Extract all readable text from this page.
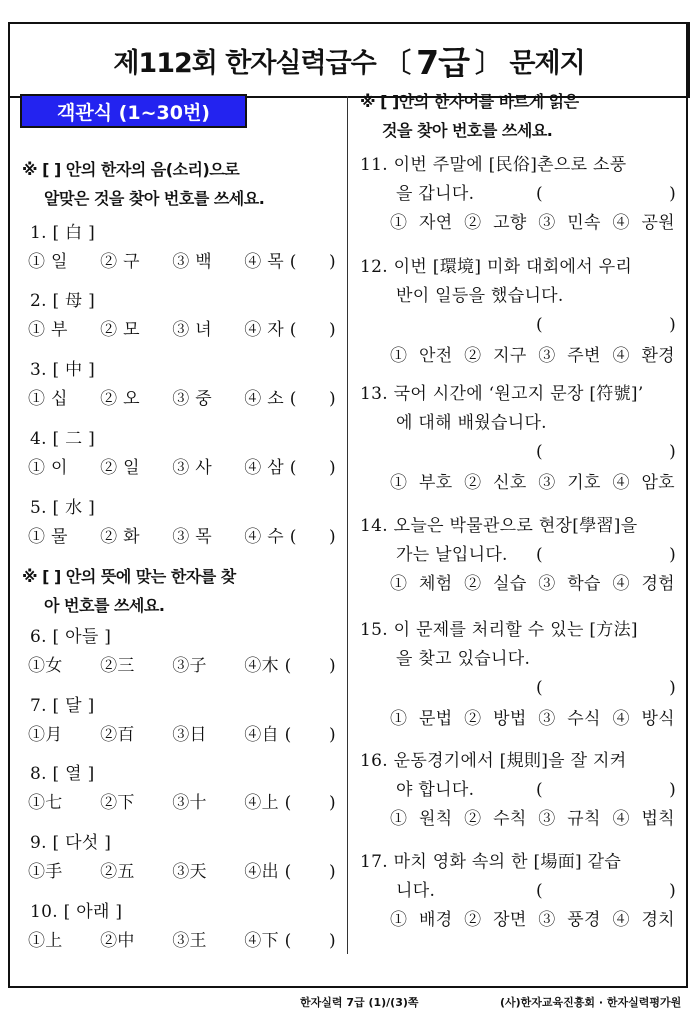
제112회 한자실력급수
〔 7급 〕
문제지
객관식 (1~30번)
※ [ ] 안의 한자의 음(소리)으로
알맞은 것을 찾아 번호를 쓰세요.
※ [ ] 안의 뜻에 맞는 한자를 찾
아 번호를 쓰세요.
※ [ ]안의 한자어를 바르게 읽은
것을 찾아 번호를 쓰세요.
1. [ 白 ]
① 일 ② 구 ③ 백 ④ 목 ( )
2. [ 母 ]
① 부 ② 모 ③ 녀 ④ 자 ( )
3. [ 中 ]
① 십 ② 오 ③ 중 ④ 소 ( )
4. [ 二 ]
① 이 ② 일 ③ 사 ④ 삼 ( )
5. [ 水 ]
① 물 ② 화 ③ 목 ④ 수 ( )
6. [ 아들 ]
①女 ②三 ③子 ④木 ( )
7. [ 달 ]
①月 ②百 ③日 ④自 ( )
8. [ 열 ]
①七 ②下 ③十 ④上 ( )
9. [ 다섯 ]
①手 ②五 ③天 ④出 ( )
10. [ 아래 ]
①上 ②中 ③王 ④下 ( )
11. 이번 주말에 [民俗]촌으로 소풍
을 갑니다.	(	)
① 자연 ② 고향 ③ 민속 ④ 공원
12. 이번 [環境] 미화 대회에서 우리
반이 일등을 했습니다.
(	)
① 안전 ② 지구 ③ 주변 ④ 환경
13. 국어 시간에 ‘원고지 문장 [符號]’
에 대해 배웠습니다.
(	)
① 부호 ② 신호 ③ 기호 ④ 암호
14. 오늘은 박물관으로 현장[學習]을
가는 날입니다. (	)
① 체험 ② 실습 ③ 학습 ④ 경험
15. 이 문제를 처리할 수 있는 [方法]
을 찾고 있습니다.
(	)
① 문법 ② 방법 ③ 수식 ④ 방식
16. 운동경기에서 [規則]을 잘 지켜
야 합니다.	(	)
① 원칙 ② 수칙 ③ 규칙 ④ 법칙
17. 마치 영화 속의 한 [場面] 같습
니다.	(	)
① 배경 ② 장면 ③ 풍경 ④ 경치
한자실력 7급 (1)/(3)쪽	(사)한자교육진흥회 · 한자실력평가원
